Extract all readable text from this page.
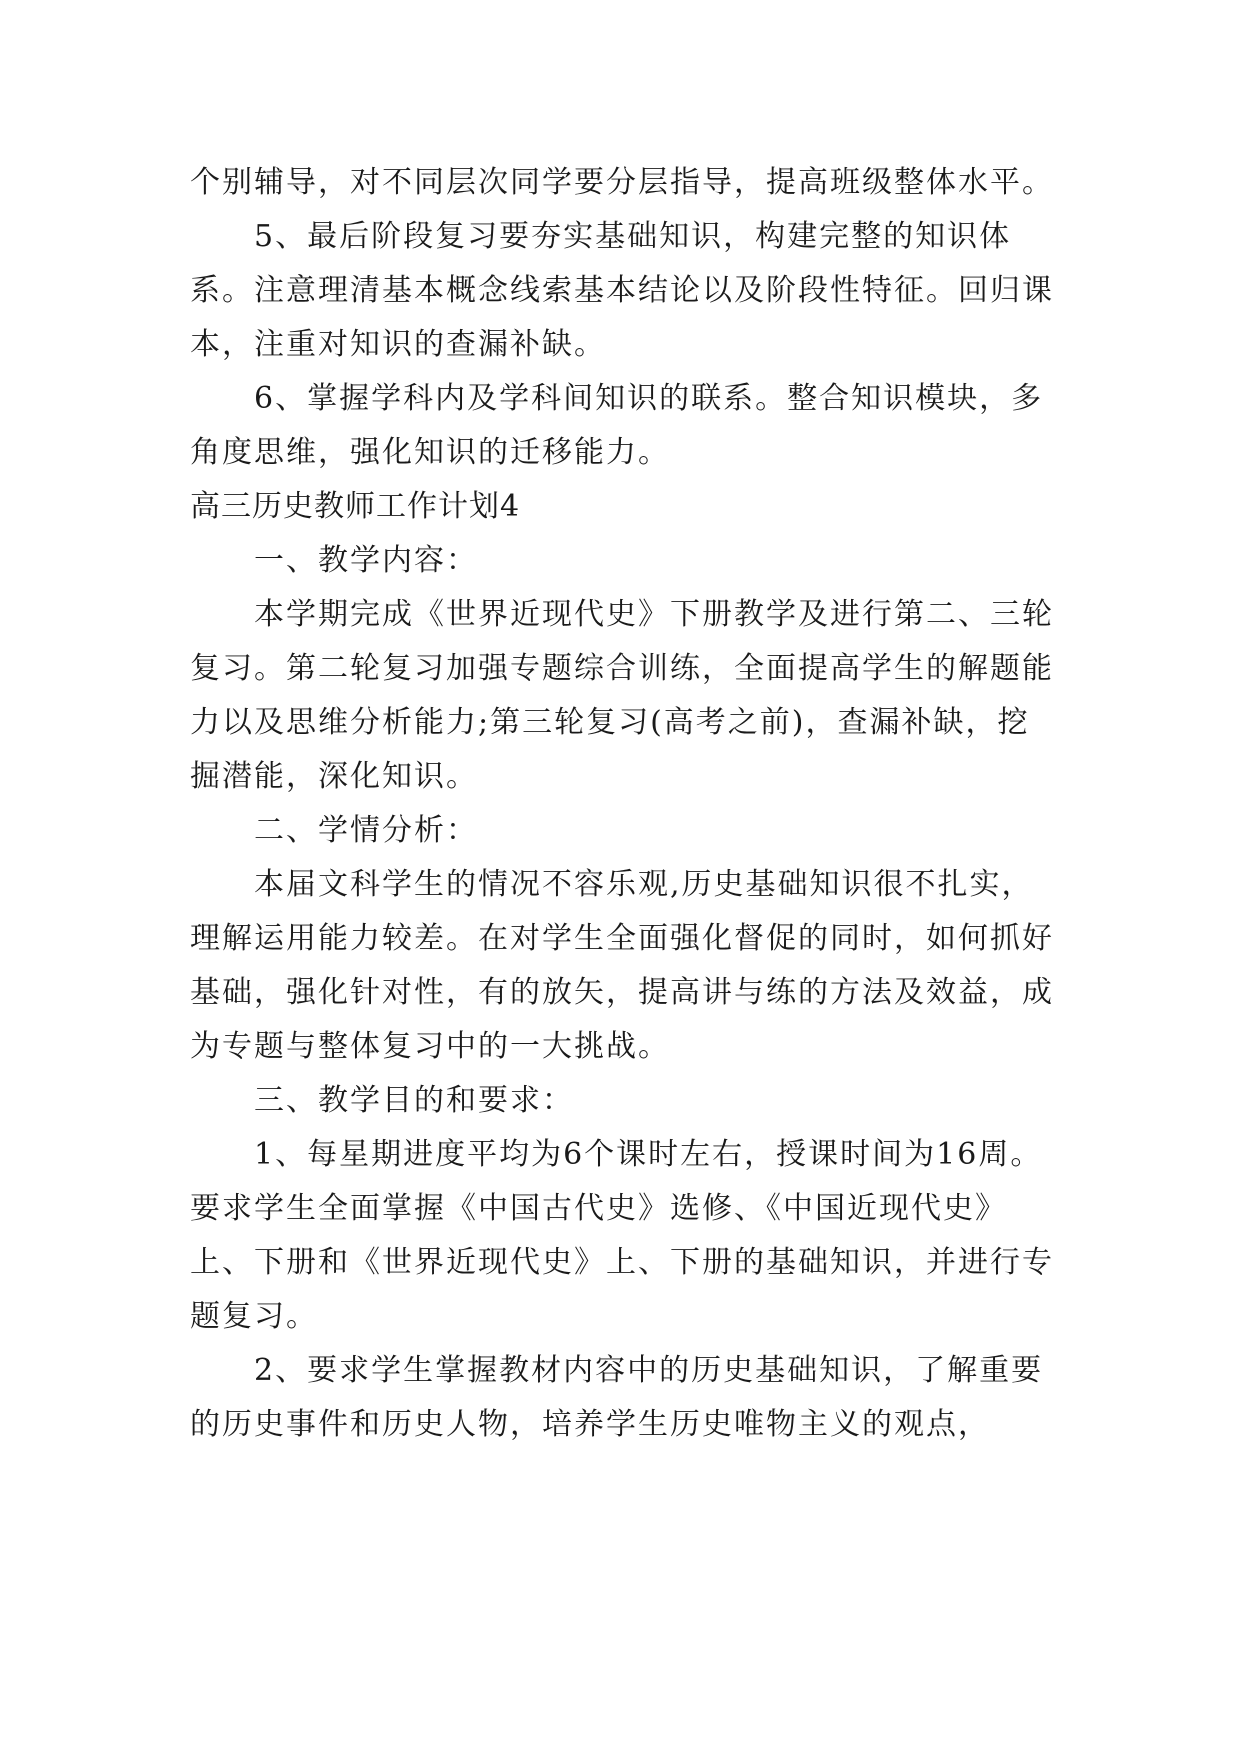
个别辅导，对不同层次同学要分层指导，提高班级整体水平。

5、最后阶段复习要夯实基础知识，构建完整的知识体系。注意理清基本概念线索基本结论以及阶段性特征。回归课本，注重对知识的查漏补缺。

6、掌握学科内及学科间知识的联系。整合知识模块，多角度思维，强化知识的迁移能力。

高三历史教师工作计划4

一、教学内容：

本学期完成《世界近现代史》下册教学及进行第二、三轮复习。第二轮复习加强专题综合训练，全面提高学生的解题能力以及思维分析能力;第三轮复习(高考之前)，查漏补缺，挖掘潜能，深化知识。

二、学情分析：

本届文科学生的情况不容乐观,历史基础知识很不扎实，理解运用能力较差。在对学生全面强化督促的同时，如何抓好基础，强化针对性，有的放矢，提高讲与练的方法及效益，成为专题与整体复习中的一大挑战。

三、教学目的和要求：

1、每星期进度平均为6个课时左右，授课时间为16周。要求学生全面掌握《中国古代史》选修、《中国近现代史》上、下册和《世界近现代史》上、下册的基础知识，并进行专题复习。

2、要求学生掌握教材内容中的历史基础知识，了解重要的历史事件和历史人物，培养学生历史唯物主义的观点，
